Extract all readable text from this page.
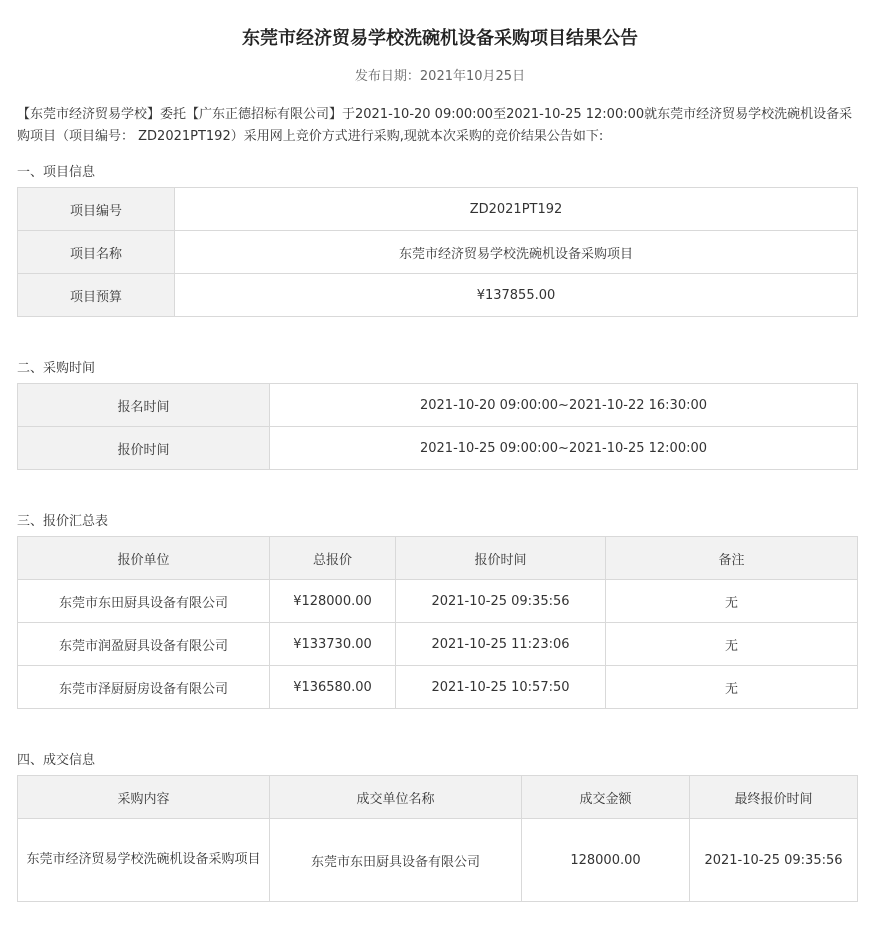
东莞市经济贸易学校洗碗机设备采购项目结果公告
发布日期：2021年10月25日

【东莞市经济贸易学校】委托【广东正德招标有限公司】于2021-10-20 09:00:00至2021-10-25 12:00:00就东莞市经济贸易学校洗碗机设备采购项目（项目编号： ZD2021PT192）采用网上竞价方式进行采购,现就本次采购的竞价结果公告如下:

一、项目信息
项目编号	ZD2021PT192
项目名称	东莞市经济贸易学校洗碗机设备采购项目
项目预算	¥137855.00
二、采购时间
报名时间	2021-10-20 09:00:00~2021-10-22 16:30:00
报价时间	2021-10-25 09:00:00~2021-10-25 12:00:00
三、报价汇总表
报价单位	总报价	报价时间	备注
东莞市东田厨具设备有限公司	¥128000.00	2021-10-25 09:35:56	无
东莞市润盈厨具设备有限公司	¥133730.00	2021-10-25 11:23:06	无
东莞市泽厨厨房设备有限公司	¥136580.00	2021-10-25 10:57:50	无
四、成交信息
采购内容	成交单位名称	成交金额	最终报价时间
东莞市经济贸易学校洗碗机设备采购项目	东莞市东田厨具设备有限公司	128000.00	2021-10-25 09:35:56
